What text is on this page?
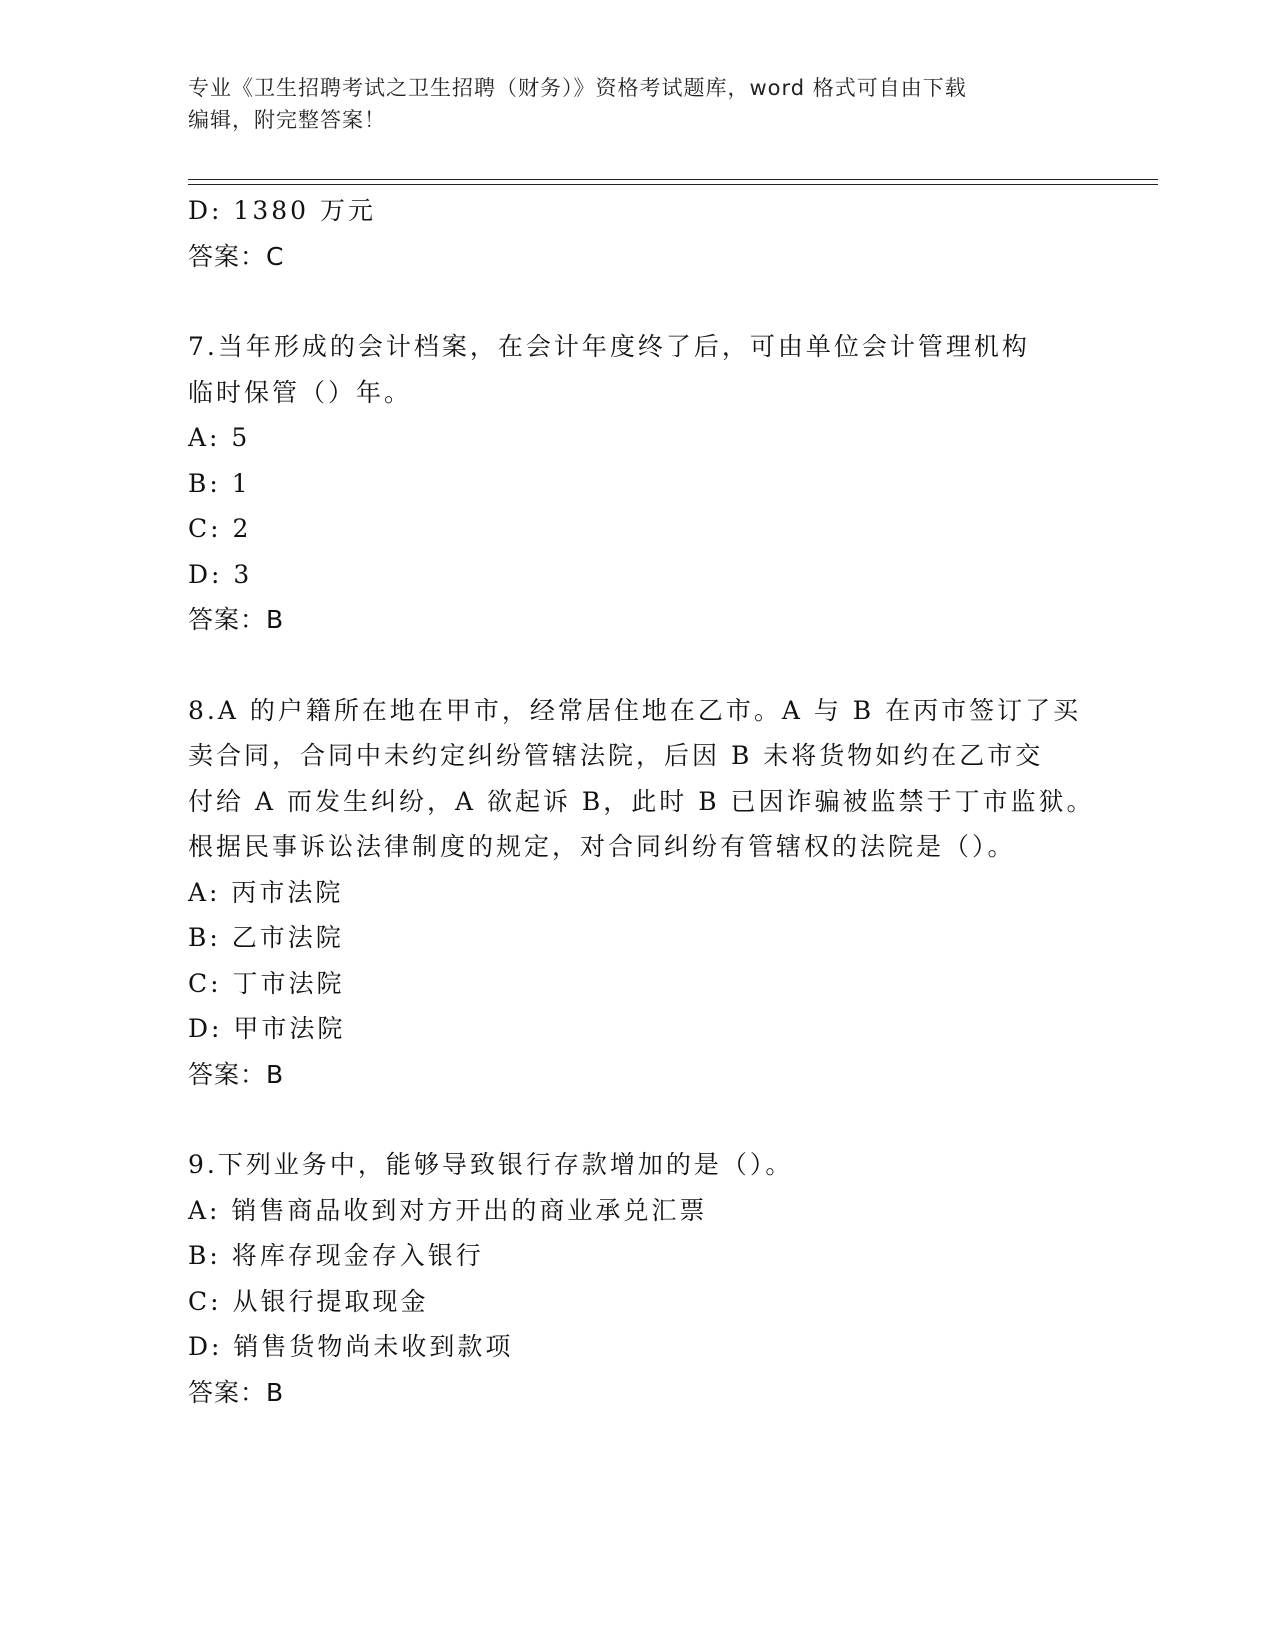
专业《卫生招聘考试之卫生招聘（财务）》资格考试题库，word 格式可自由下载
编辑，附完整答案！
D: 1380 万元
答案：C
7.当年形成的会计档案，在会计年度终了后，可由单位会计管理机构
临时保管（）年。
A: 5
B: 1
C: 2
D: 3
答案：B
8.A 的户籍所在地在甲市，经常居住地在乙市。A 与 B 在丙市签订了买
卖合同，合同中未约定纠纷管辖法院，后因 B 未将货物如约在乙市交
付给 A 而发生纠纷，A 欲起诉 B，此时 B 已因诈骗被监禁于丁市监狱。
根据民事诉讼法律制度的规定，对合同纠纷有管辖权的法院是（）。
A: 丙市法院
B: 乙市法院
C: 丁市法院
D: 甲市法院
答案：B
9.下列业务中，能够导致银行存款增加的是（）。
A: 销售商品收到对方开出的商业承兑汇票
B: 将库存现金存入银行
C: 从银行提取现金
D: 销售货物尚未收到款项
答案：B
